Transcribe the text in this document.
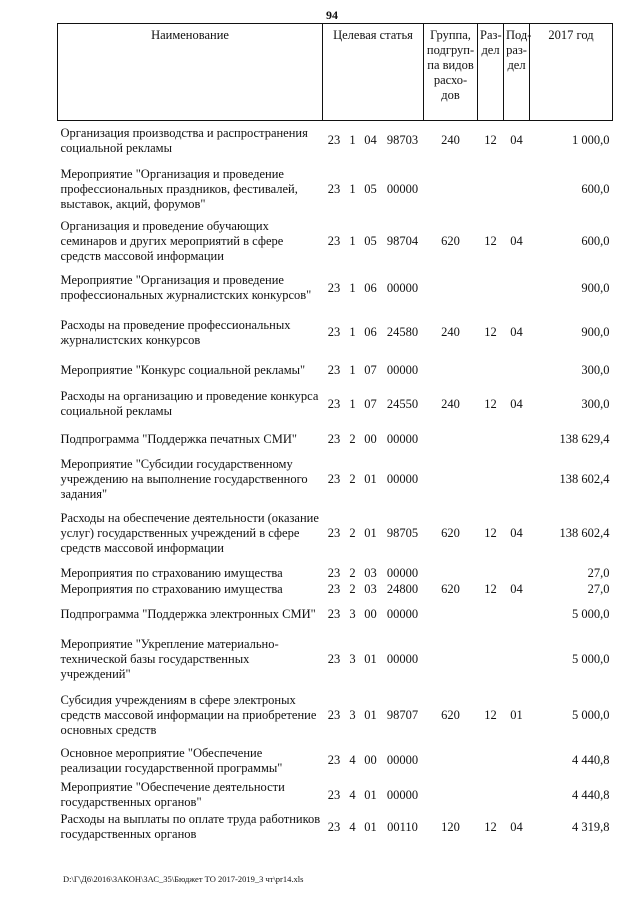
94
Наименование	Целевая статья				Группа, подгруп-па видов расхо-дов	Раз-дел	Под-раз-дел	2017 год
Организация производства и распространения социальной рекламы	23	1	04	98703	240	12	04	1 000,0
Мероприятие "Организация и проведение профессиональных праздников, фестивалей, выставок, акций, форумов"	23	1	05	00000				600,0
Организация и проведение обучающих семинаров и других мероприятий в сфере средств массовой информации	23	1	05	98704	620	12	04	600,0
Мероприятие "Организация и проведение профессиональных журналистских конкурсов"	23	1	06	00000				900,0
Расходы на проведение профессиональных журналистских конкурсов	23	1	06	24580	240	12	04	900,0
Мероприятие "Конкурс социальной рекламы"	23	1	07	00000				300,0
Расходы на организацию и проведение конкурса социальной рекламы	23	1	07	24550	240	12	04	300,0
Подпрограмма "Поддержка печатных СМИ"	23	2	00	00000				138 629,4
Мероприятие "Субсидии государственному учреждению на выполнение государственного задания"	23	2	01	00000				138 602,4
Расходы на обеспечение деятельности (оказание услуг) государственных учреждений в сфере средств массовой информации	23	2	01	98705	620	12	04	138 602,4
Мероприятия по страхованию имущества	23	2	03	00000				27,0
Мероприятия по страхованию имущества	23	2	03	24800	620	12	04	27,0
Подпрограмма "Поддержка электронных СМИ"	23	3	00	00000				5 000,0
Мероприятие "Укрепление материально-технической базы государственных учреждений"	23	3	01	00000				5 000,0
Субсидия учреждениям в сфере электроных средств массовой информации на приобретение основных средств	23	3	01	98707	620	12	01	5 000,0
Основное мероприятие "Обеспечение реализации государственной программы"	23	4	00	00000				4 440,8
Мероприятие "Обеспечение деятельности государственных органов"	23	4	01	00000				4 440,8
Расходы на выплаты по оплате труда работников государственных органов	23	4	01	00110	120	12	04	4 319,8
D:\Г\Д6\2016\ЗАКОН\ЗАС_35\Бюджет ТО 2017-2019_3 чт\pr14.xls
